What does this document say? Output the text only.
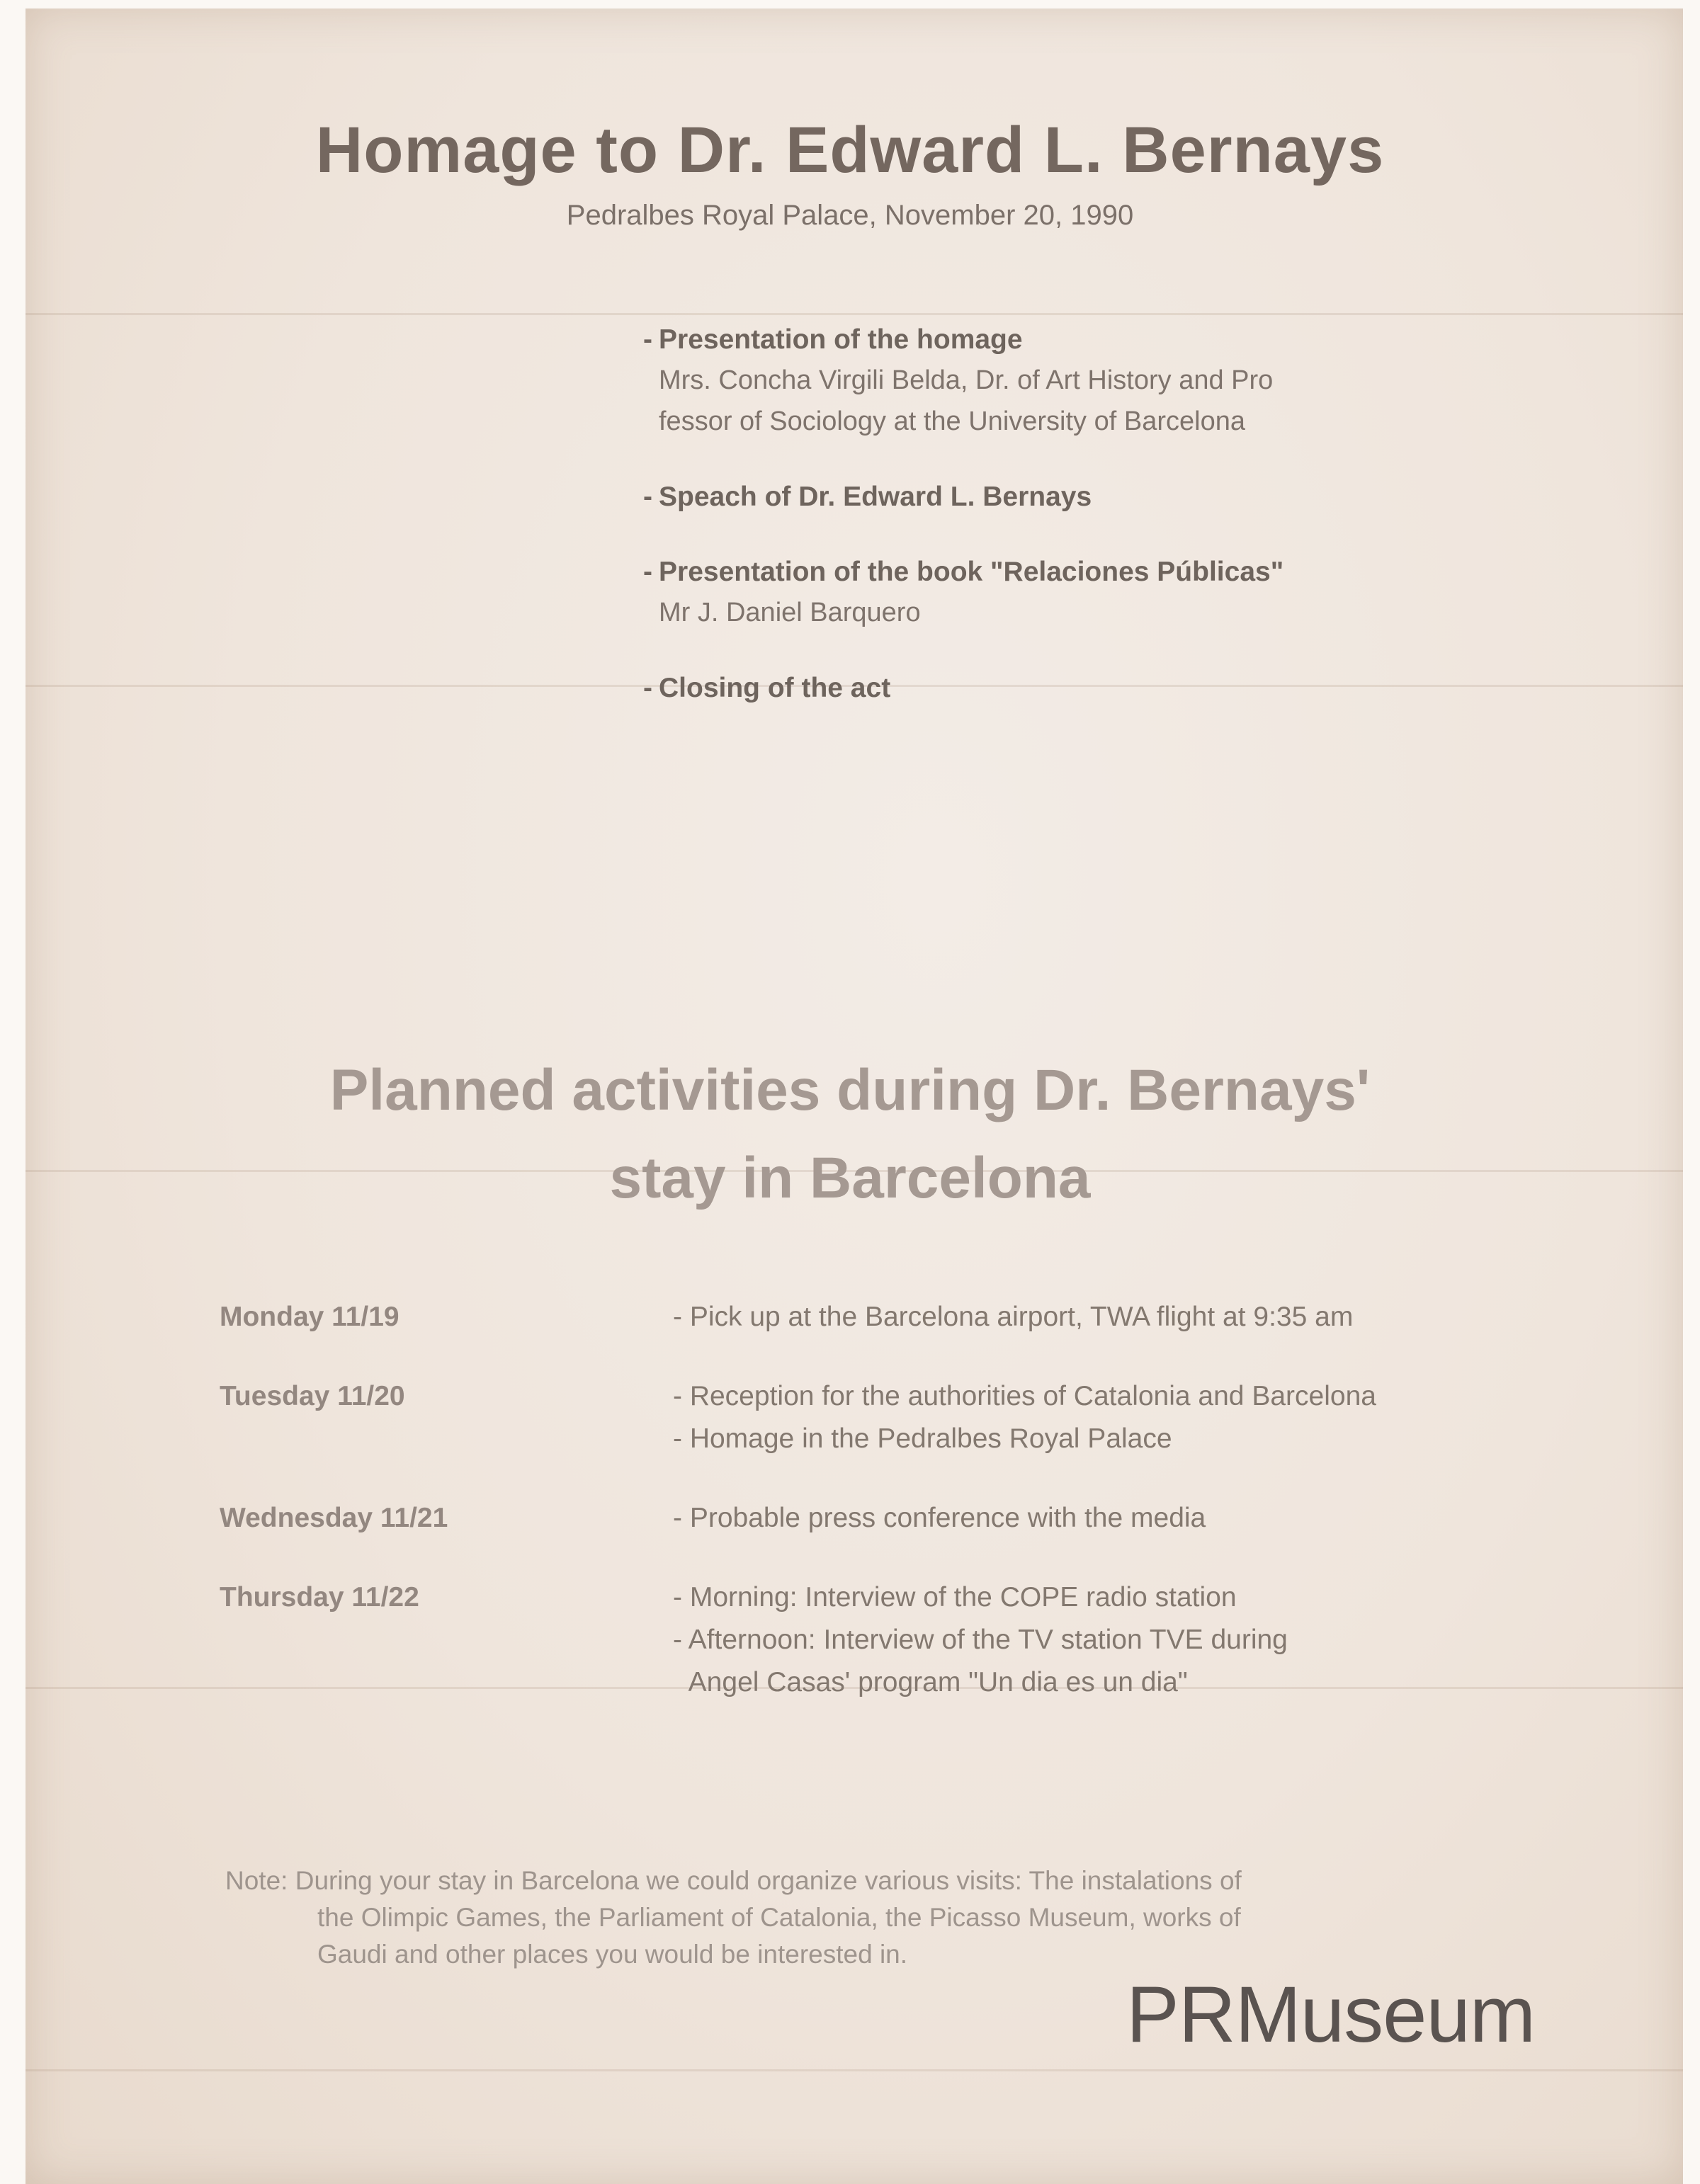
Homage to Dr. Edward L. Bernays
Pedralbes Royal Palace, November 20, 1990
- Presentation of the homage
Mrs. Concha Virgili Belda, Dr. of Art History and Pro
fessor of Sociology at the University of Barcelona
- Speach of Dr. Edward L. Bernays
- Presentation of the book "Relaciones Públicas"
Mr J. Daniel Barquero
- Closing of the act
Planned activities during Dr. Bernays'
stay in Barcelona
Monday 11/19	- Pick up at the Barcelona airport, TWA flight at 9:35 am
Tuesday 11/20	- Reception for the authorities of Catalonia and Barcelona
- Homage in the Pedralbes Royal Palace
Wednesday 11/21	- Probable press conference with the media
Thursday 11/22	- Morning: Interview of the COPE radio station
- Afternoon: Interview of the TV station TVE during
Angel Casas' program "Un dia es un dia"
Note: During your stay in Barcelona we could organize various visits: The instalations of
the Olimpic Games, the Parliament of Catalonia, the Picasso Museum, works of
Gaudi and other places you would be interested in.
PRMuseum
